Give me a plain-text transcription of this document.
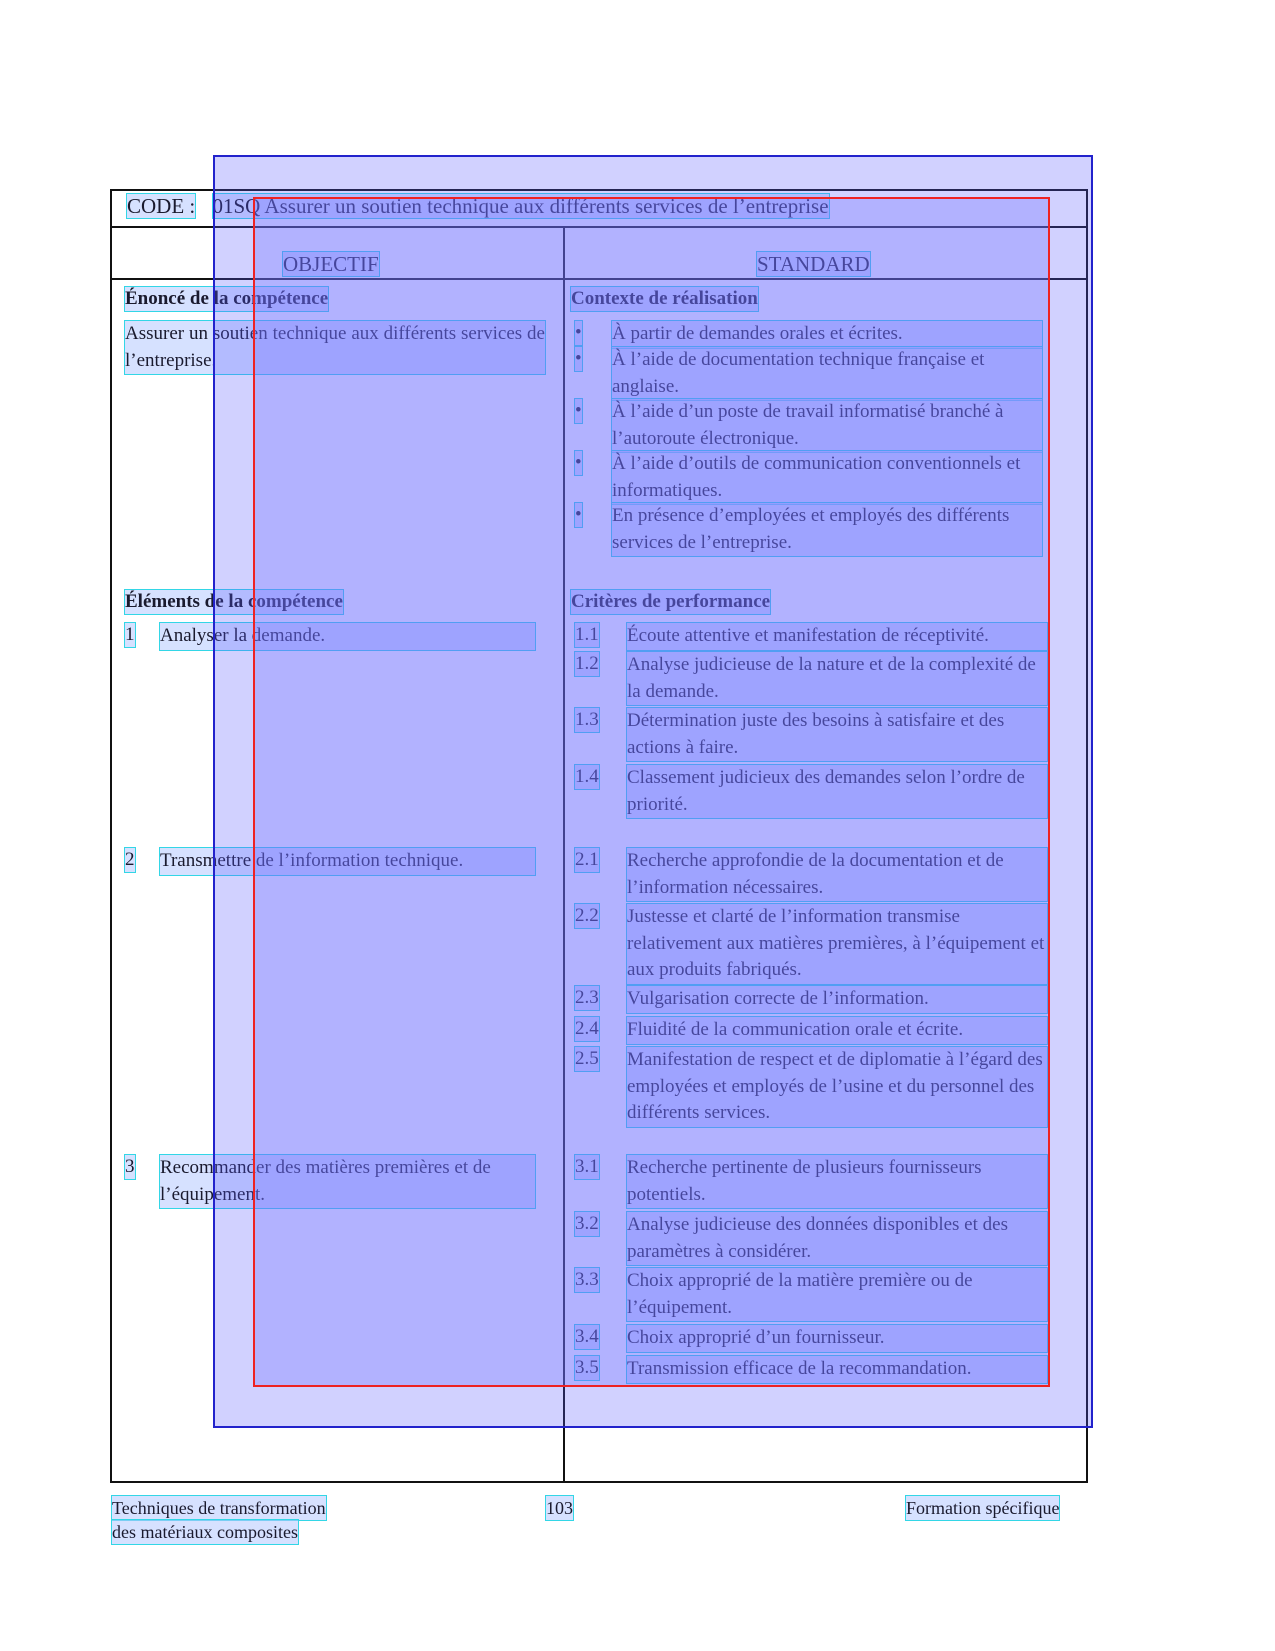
CODE : 01SQ Assurer un soutien technique aux différents services de l’entreprise
OBJECTIF	STANDARD
Énoncé de la compétence
Assurer un soutien technique aux différents services de l’entreprise.
Contexte de réalisation
• À partir de demandes orales et écrites.
• À l’aide de documentation technique française et anglaise.
• À l’aide d’un poste de travail informatisé branché à l’autoroute électronique.
• À l’aide d’outils de communication conventionnels et informatiques.
• En présence d’employées et employés des différents services de l’entreprise.
Éléments de la compétence
1 Analyser la demande.
2 Transmettre de l’information technique.
3 Recommander des matières premières et de l’équipement.
Critères de performance
1.1 Écoute attentive et manifestation de réceptivité.
1.2 Analyse judicieuse de la nature et de la complexité de la demande.
1.3 Détermination juste des besoins à satisfaire et des actions à faire.
1.4 Classement judicieux des demandes selon l’ordre de priorité.
2.1 Recherche approfondie de la documentation et de l’information nécessaires.
2.2 Justesse et clarté de l’information transmise relativement aux matières premières, à l’équipement et aux produits fabriqués.
2.3 Vulgarisation correcte de l’information.
2.4 Fluidité de la communication orale et écrite.
2.5 Manifestation de respect et de diplomatie à l’égard des employées et employés de l’usine et du personnel des différents services.
3.1 Recherche pertinente de plusieurs fournisseurs potentiels.
3.2 Analyse judicieuse des données disponibles et des paramètres à considérer.
3.3 Choix approprié de la matière première ou de l’équipement.
3.4 Choix approprié d’un fournisseur.
3.5 Transmission efficace de la recommandation.
Techniques de transformation
des matériaux composites
103	Formation spécifique
